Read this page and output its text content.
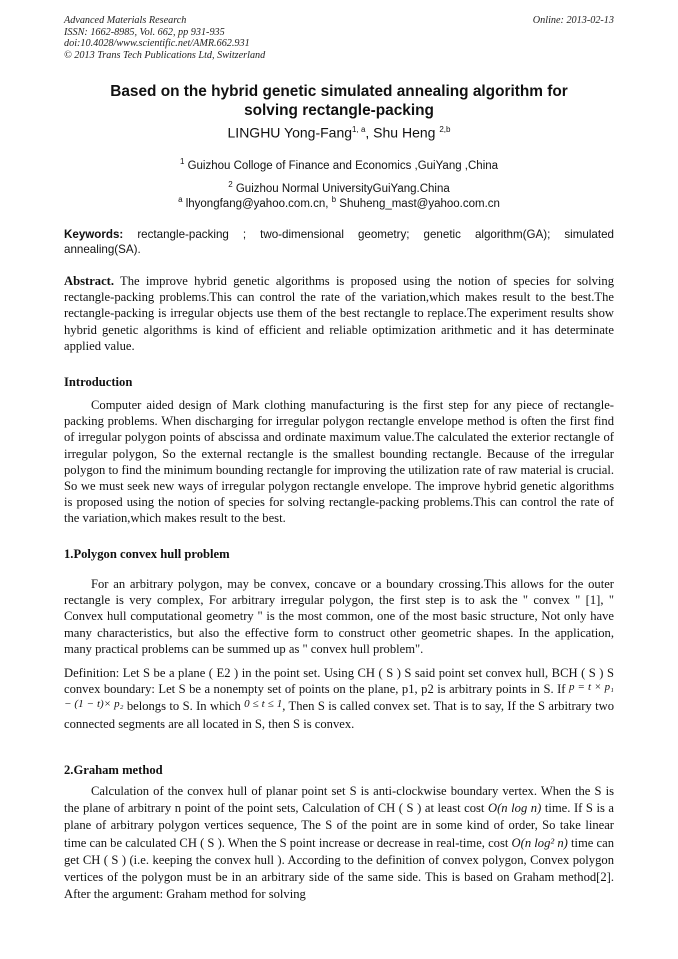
Advanced Materials Research
ISSN: 1662-8985, Vol. 662, pp 931-935
doi:10.4028/www.scientific.net/AMR.662.931
© 2013 Trans Tech Publications Ltd, Switzerland
Online: 2013-02-13
Based on the hybrid genetic simulated annealing algorithm for
solving rectangle-packing
LINGHU Yong-Fang$^{1, a}$, Shu Heng $^{2,b}$
$^1$ Guizhou Colloge of Finance and Economics ,GuiYang ,China
$^2$ Guizhou Normal UniversityGuiYang.China
$^a$ lhyongfang@yahoo.com.cn, $^b$ Shuheng_mast@yahoo.com.cn
Keywords: rectangle-packing ; two-dimensional geometry; genetic algorithm(GA); simulated annealing(SA).
Abstract. The improve hybrid genetic algorithms is proposed using the notion of species for solving rectangle-packing problems.This can control the rate of the variation,which makes result to the best.The rectangle-packing is irregular objects use them of the best rectangle to replace.The experiment results show hybrid genetic algorithms is kind of efficient and reliable optimization arithmetic and it has determinate applied value.
Introduction
Computer aided design of Mark clothing manufacturing is the first step for any piece of rectangle-packing problems. When discharging for irregular polygon rectangle envelope method is often the first find of irregular polygon points of abscissa and ordinate maximum value.The calculated the exterior rectangle of irregular polygon, So the external rectangle is the smallest bounding rectangle. Because of the irregular polygon to find the minimum bounding rectangle for improving the utilization rate of raw material is crucial. So we must seek new ways of irregular polygon rectangle envelope. The improve hybrid genetic algorithms is proposed using the notion of species for solving rectangle-packing problems.This can control the rate of the variation,which makes result to the best.
1.Polygon convex hull problem
For an arbitrary polygon, may be convex, concave or a boundary crossing.This allows for the outer rectangle is very complex, For arbitrary irregular polygon, the first step is to ask the " convex " [1], " Convex hull computational geometry " is the most common, one of the most basic structure, Not only have many characteristics, but also the effective form to construct other geometric shapes. In the application, many practical problems can be summed up as " convex hull problem".
Definition: Let S be a plane ( E2 ) in the point set. Using CH ( S ) S said point set convex hull, BCH ( S ) S convex boundary: Let S be a nonempty set of points on the plane, p1, p2 is arbitrary points in S. If p = t × p₁ − (1 − t)× p₂ belongs to S. In which 0 ≤ t ≤ 1, Then S is called convex set. That is to say, If the S arbitrary two connected segments are all located in S, then S is convex.
2.Graham method
Calculation of the convex hull of planar point set S is anti-clockwise boundary vertex. When the S is the plane of arbitrary n point of the point sets, Calculation of CH ( S ) at least cost O(n log n) time. If S is a plane of arbitrary polygon vertices sequence, The S of the point are in some kind of order, So take linear time can be calculated CH ( S ). When the S point increase or decrease in real-time, cost O(n log² n) time can get CH ( S ) (i.e. keeping the convex hull ). According to the definition of convex polygon, Convex polygon vertices of the polygon must be in an arbitrary side of the same side. This is based on Graham method[2]. After the argument: Graham method for solving
